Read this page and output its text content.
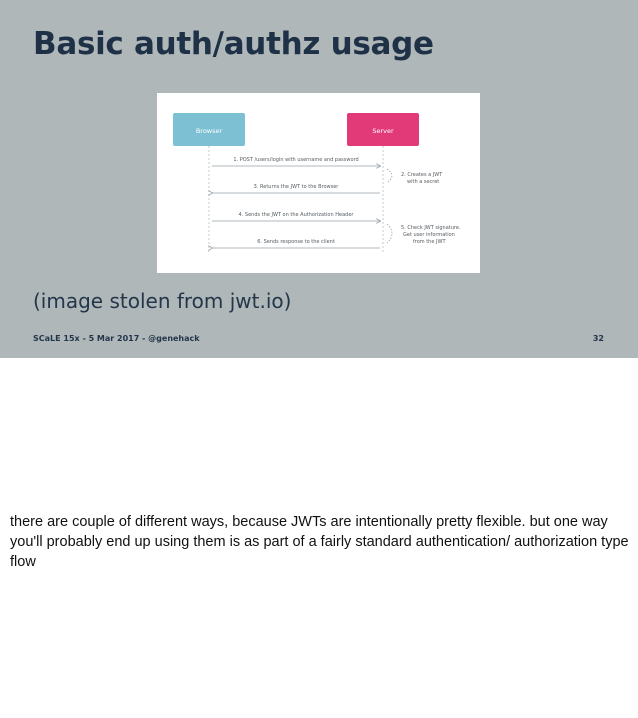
Basic auth/authz usage
Browser	Server
1. POST /users/login with username and password
2. Creates a JWT with a secret
3. Returns the JWT to the Browser
4. Sends the JWT on the Authorization Header
5. Check JWT signature. Get user information from the JWT
6. Sends response to the client

(image stolen from jwt.io)

SCaLE 15x - 5 Mar 2017 - @genehack	32

there are couple of different ways, because JWTs are intentionally pretty flexible. but one way you'll probably end up using them is as part of a fairly standard authentication/ authorization type flow
